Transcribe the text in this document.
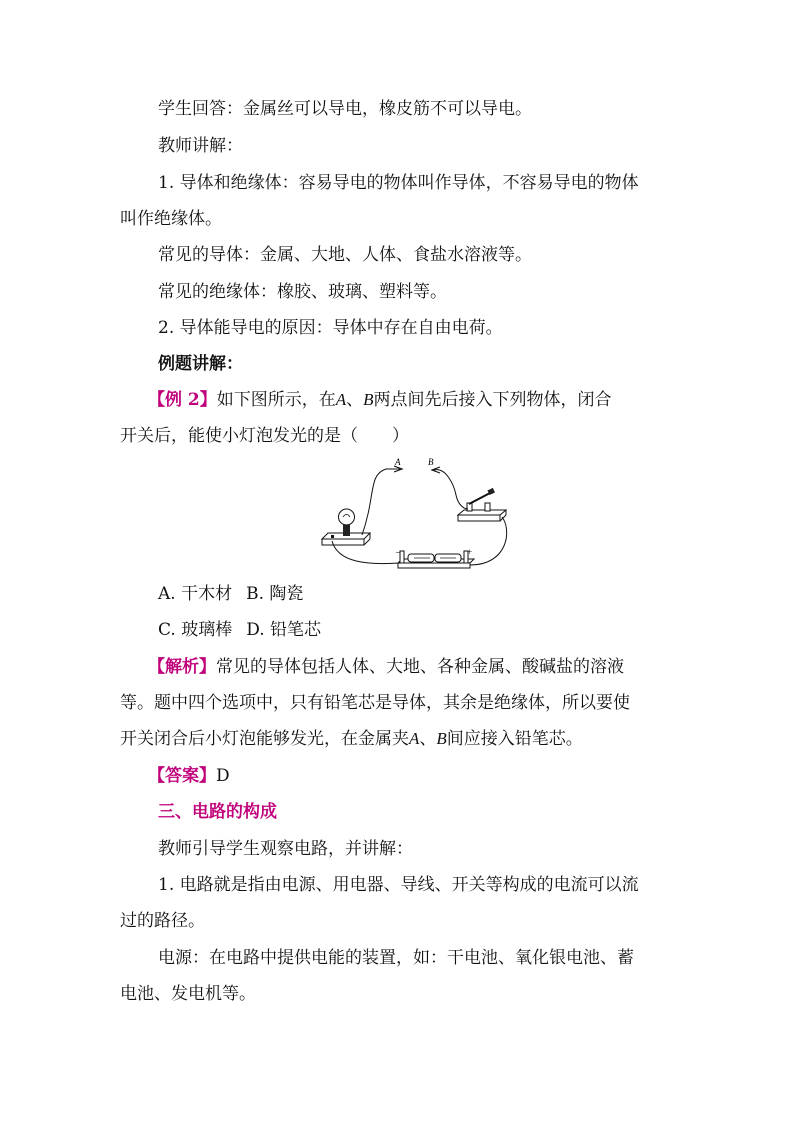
学生回答：金属丝可以导电，橡皮筋不可以导电。
教师讲解：
1. 导体和绝缘体：容易导电的物体叫作导体，不容易导电的物体
叫作绝缘体。
常见的导体：金属、大地、人体、食盐水溶液等。
常见的绝缘体：橡胶、玻璃、塑料等。
2. 导体能导电的原因：导体中存在自由电荷。
例题讲解：
【例 2】如下图所示，在A、B两点间先后接入下列物体，闭合
开关后，能使小灯泡发光的是（　　）
–	+
A	B
A. 干木材 B. 陶瓷
C. 玻璃棒 D. 铅笔芯
【解析】常见的导体包括人体、大地、各种金属、酸碱盐的溶液
等。题中四个选项中，只有铅笔芯是导体，其余是绝缘体，所以要使
开关闭合后小灯泡能够发光，在金属夹A、B间应接入铅笔芯。
【答案】D
三、电路的构成
教师引导学生观察电路，并讲解：
1. 电路就是指由电源、用电器、导线、开关等构成的电流可以流
过的路径。
电源：在电路中提供电能的装置，如：干电池、氧化银电池、蓄
电池、发电机等。
